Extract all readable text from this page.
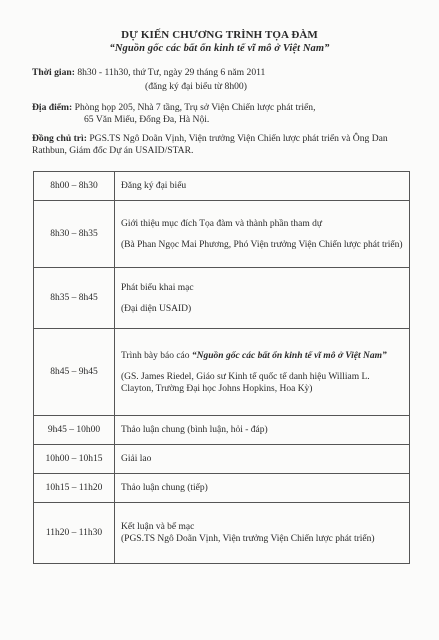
DỰ KIẾN CHƯƠNG TRÌNH TỌA ĐÀM
“Nguồn gốc các bất ổn kinh tế vĩ mô ở Việt Nam”
Thời gian: 8h30 - 11h30, thứ Tư, ngày 29 tháng 6 năm 2011
(đăng ký đại biểu từ 8h00)
Địa điểm: Phòng họp 205, Nhà 7 tầng, Trụ sở Viện Chiến lược phát triển,
65 Văn Miếu, Đống Đa, Hà Nội.
Đồng chủ trì: PGS.TS Ngô Doãn Vịnh, Viện trưởng Viện Chiến lược phát triển và Ông Dan Rathbun, Giám đốc Dự án USAID/STAR.
8h00 – 8h30	Đăng ký đại biểu

8h30 – 8h35	Giới thiệu mục đích Tọa đàm và thành phần tham dự
(Bà Phan Ngọc Mai Phương, Phó Viện trưởng Viện Chiến lược phát triển)

8h35 – 8h45	Phát biểu khai mạc
(Đại diện USAID)

8h45 – 9h45	Trình bày báo cáo “Nguồn gốc các bất ổn kinh tế vĩ mô ở Việt Nam”
(GS. James Riedel, Giáo sư Kinh tế quốc tế danh hiệu William L. Clayton, Trường Đại học Johns Hopkins, Hoa Kỳ)

9h45 – 10h00	Thảo luận chung (bình luận, hỏi - đáp)

10h00 – 10h15	Giải lao

10h15 – 11h20	Thảo luận chung (tiếp)

11h20 – 11h30	Kết luận và bế mạc
(PGS.TS Ngô Doãn Vịnh, Viện trưởng Viện Chiến lược phát triển)
